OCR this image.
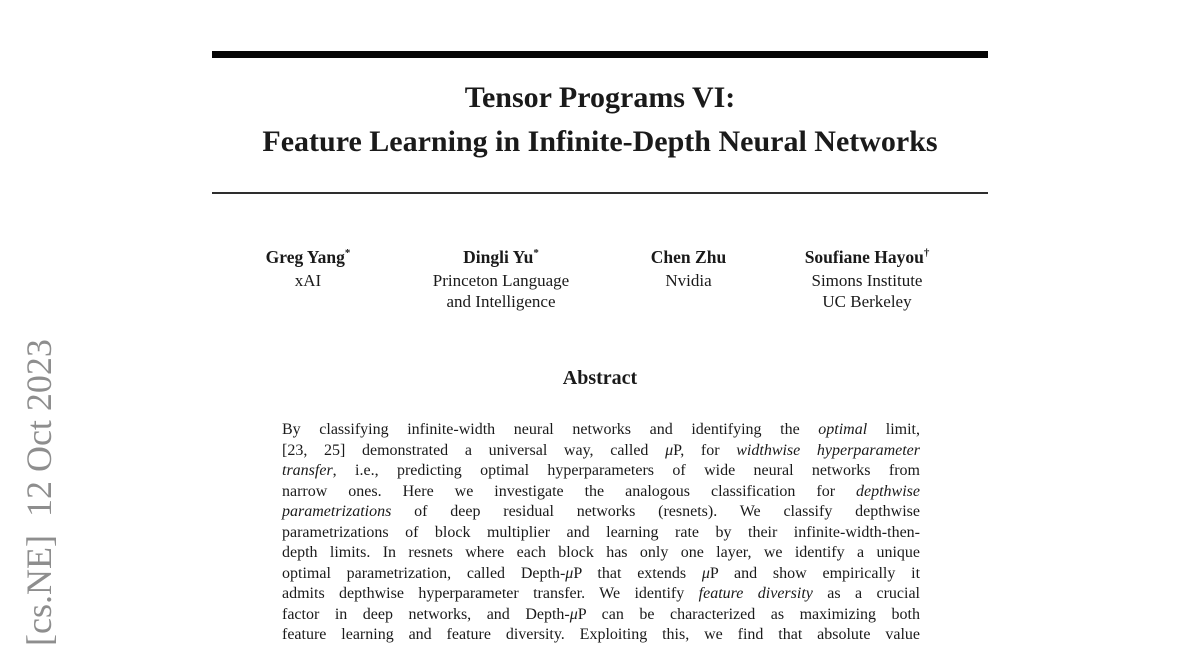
[cs.NE]  12 Oct 2023
Tensor Programs VI:
Feature Learning in Infinite-Depth Neural Networks
Greg Yang*
xAI
Dingli Yu*
Princeton Language
and Intelligence
Chen Zhu
Nvidia
Soufiane Hayou†
Simons Institute
UC Berkeley
Abstract
By classifying infinite-width neural networks and identifying the optimal limit,
[23, 25] demonstrated a universal way, called μP, for widthwise hyperparameter
transfer, i.e., predicting optimal hyperparameters of wide neural networks from
narrow ones. Here we investigate the analogous classification for depthwise
parametrizations of deep residual networks (resnets). We classify depthwise
parametrizations of block multiplier and learning rate by their infinite-width-then-
depth limits. In resnets where each block has only one layer, we identify a unique
optimal parametrization, called Depth-μP that extends μP and show empirically it
admits depthwise hyperparameter transfer. We identify feature diversity as a crucial
factor in deep networks, and Depth-μP can be characterized as maximizing both
feature learning and feature diversity. Exploiting this, we find that absolute value
